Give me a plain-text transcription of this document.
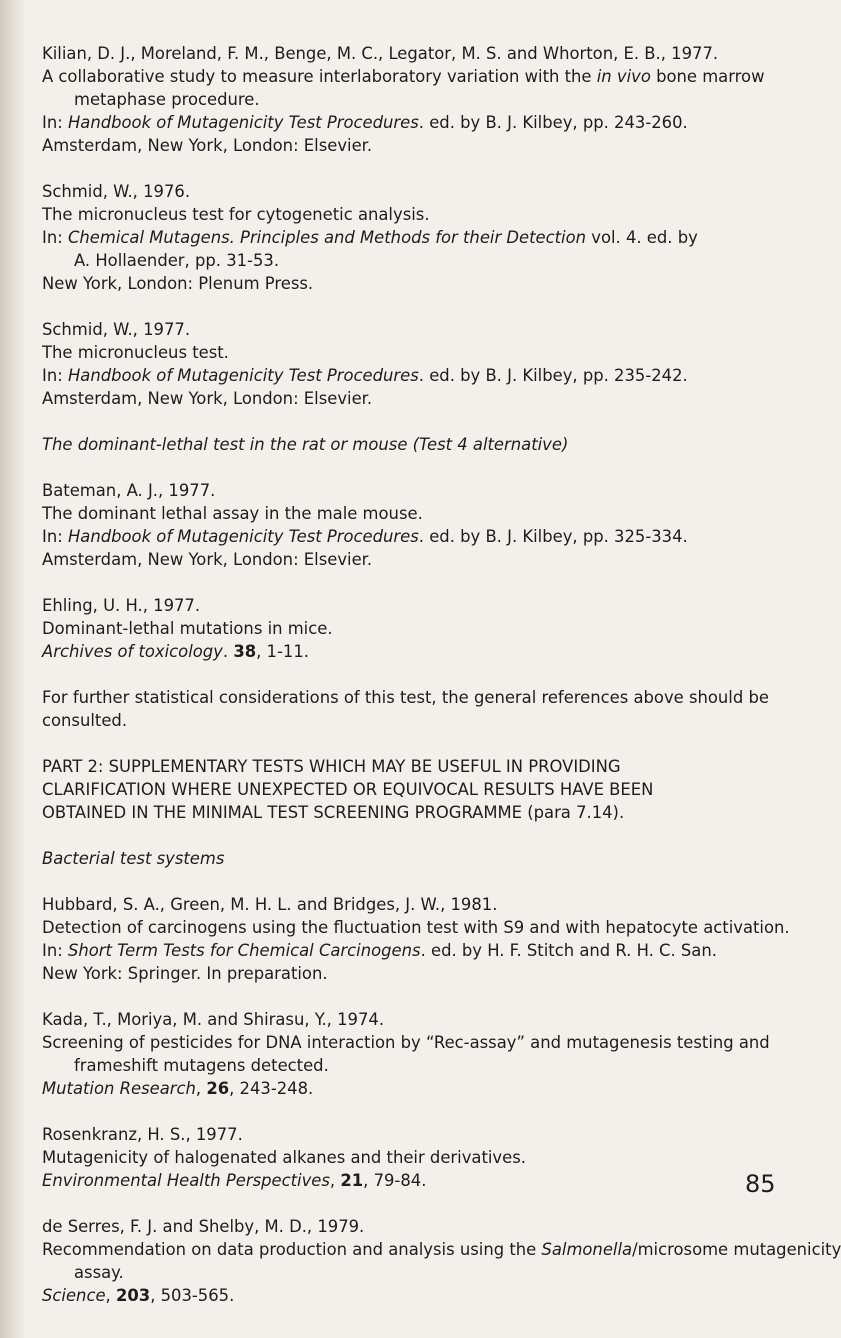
Kilian, D. J., Moreland, F. M., Benge, M. C., Legator, M. S. and Whorton, E. B., 1977.
A collaborative study to measure interlaboratory variation with the in vivo bone marrow
metaphase procedure.
In: Handbook of Mutagenicity Test Procedures. ed. by B. J. Kilbey, pp. 243-260.
Amsterdam, New York, London: Elsevier.
Schmid, W., 1976.
The micronucleus test for cytogenetic analysis.
In: Chemical Mutagens. Principles and Methods for their Detection vol. 4. ed. by
A. Hollaender, pp. 31-53.
New York, London: Plenum Press.
Schmid, W., 1977.
The micronucleus test.
In: Handbook of Mutagenicity Test Procedures. ed. by B. J. Kilbey, pp. 235-242.
Amsterdam, New York, London: Elsevier.
The dominant-lethal test in the rat or mouse (Test 4 alternative)
Bateman, A. J., 1977.
The dominant lethal assay in the male mouse.
In: Handbook of Mutagenicity Test Procedures. ed. by B. J. Kilbey, pp. 325-334.
Amsterdam, New York, London: Elsevier.
Ehling, U. H., 1977.
Dominant-lethal mutations in mice.
Archives of toxicology. 38, 1-11.
For further statistical considerations of this test, the general references above should be
consulted.
PART 2: SUPPLEMENTARY TESTS WHICH MAY BE USEFUL IN PROVIDING
CLARIFICATION WHERE UNEXPECTED OR EQUIVOCAL RESULTS HAVE BEEN
OBTAINED IN THE MINIMAL TEST SCREENING PROGRAMME (para 7.14).
Bacterial test systems
Hubbard, S. A., Green, M. H. L. and Bridges, J. W., 1981.
Detection of carcinogens using the fluctuation test with S9 and with hepatocyte activation.
In: Short Term Tests for Chemical Carcinogens. ed. by H. F. Stitch and R. H. C. San.
New York: Springer. In preparation.
Kada, T., Moriya, M. and Shirasu, Y., 1974.
Screening of pesticides for DNA interaction by “Rec-assay” and mutagenesis testing and
frameshift mutagens detected.
Mutation Research, 26, 243-248.
Rosenkranz, H. S., 1977.
Mutagenicity of halogenated alkanes and their derivatives.
Environmental Health Perspectives, 21, 79-84.
de Serres, F. J. and Shelby, M. D., 1979.
Recommendation on data production and analysis using the Salmonella/microsome mutagenicity
assay.
Science, 203, 503-565.
85
